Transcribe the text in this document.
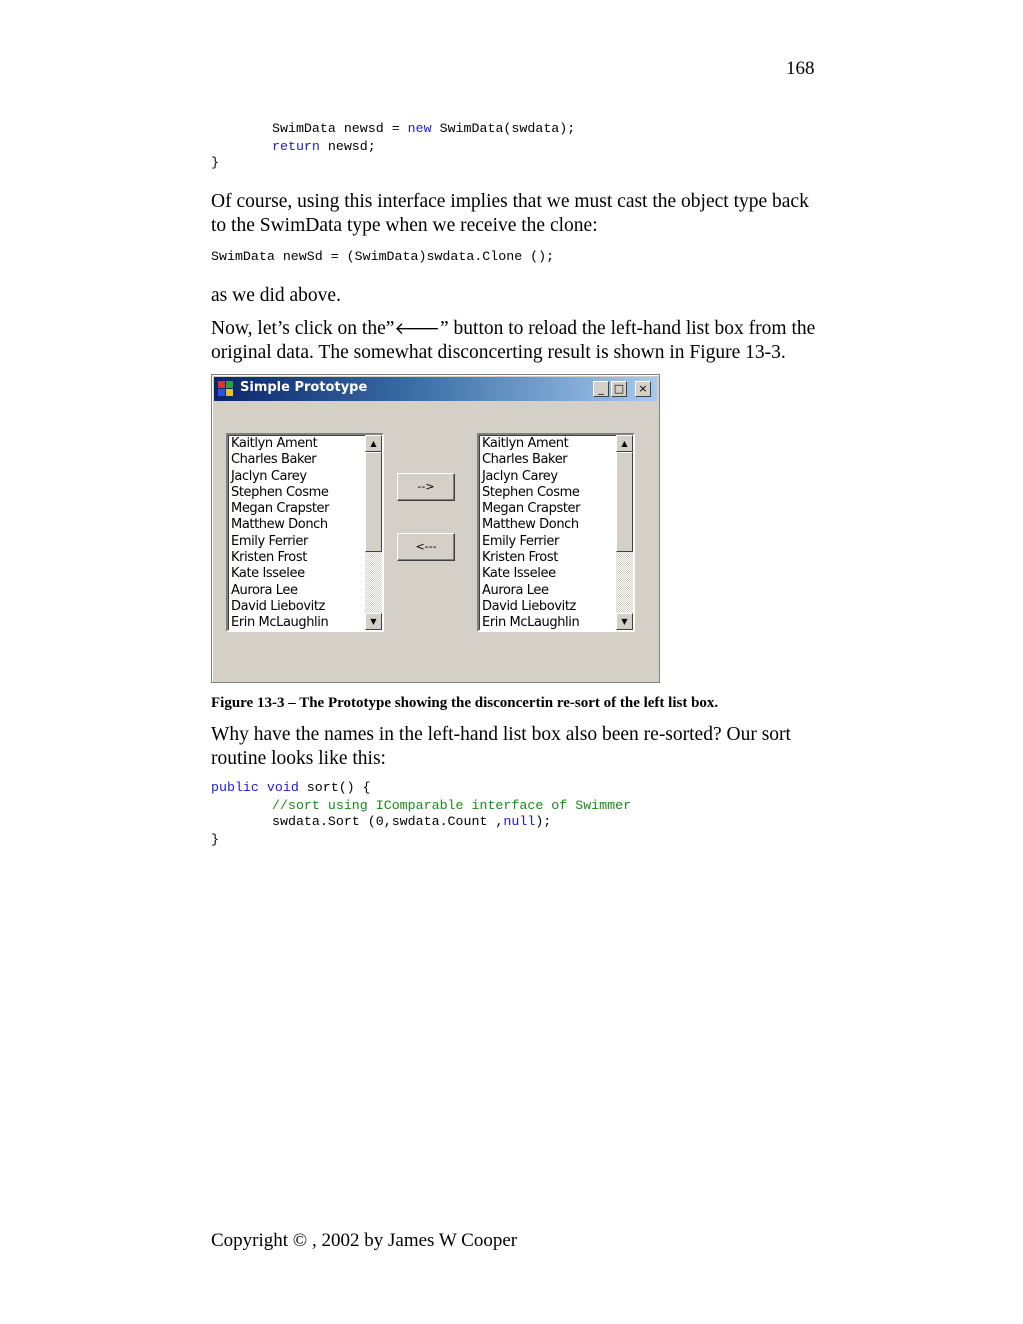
168
SwimData newsd = new SwimData(swdata);
return newsd;
}
Of course, using this interface implies that we must cast the object type back to the SwimData type when we receive the clone:
SwimData newSd = (SwimData)swdata.Clone ();
as we did above.
Now, let’s click on the”🡐” button to reload the left-hand list box from the original data. The somewhat disconcerting result is shown in Figure 13-3.
Simple Prototype	_ □	×
Kaitlyn Ament
Charles Baker
Jaclyn Carey
Stephen Cosme
Megan Crapster
Matthew Donch
Emily Ferrier
Kristen Frost
Kate Isselee
Aurora Lee
David Liebovitz
Erin McLaughlin
▲
▼
-->
<---
Kaitlyn Ament
Charles Baker
Jaclyn Carey
Stephen Cosme
Megan Crapster
Matthew Donch
Emily Ferrier
Kristen Frost
Kate Isselee
Aurora Lee
David Liebovitz
Erin McLaughlin
▲
▼
Figure 13-3 – The Prototype showing the disconcertin re-sort of the left list box.
Why have the names in the left-hand list box also been re-sorted? Our sort routine looks like this:
public void sort() {
//sort using IComparable interface of Swimmer
swdata.Sort (0,swdata.Count ,null);
}
Copyright © , 2002 by James W Cooper
